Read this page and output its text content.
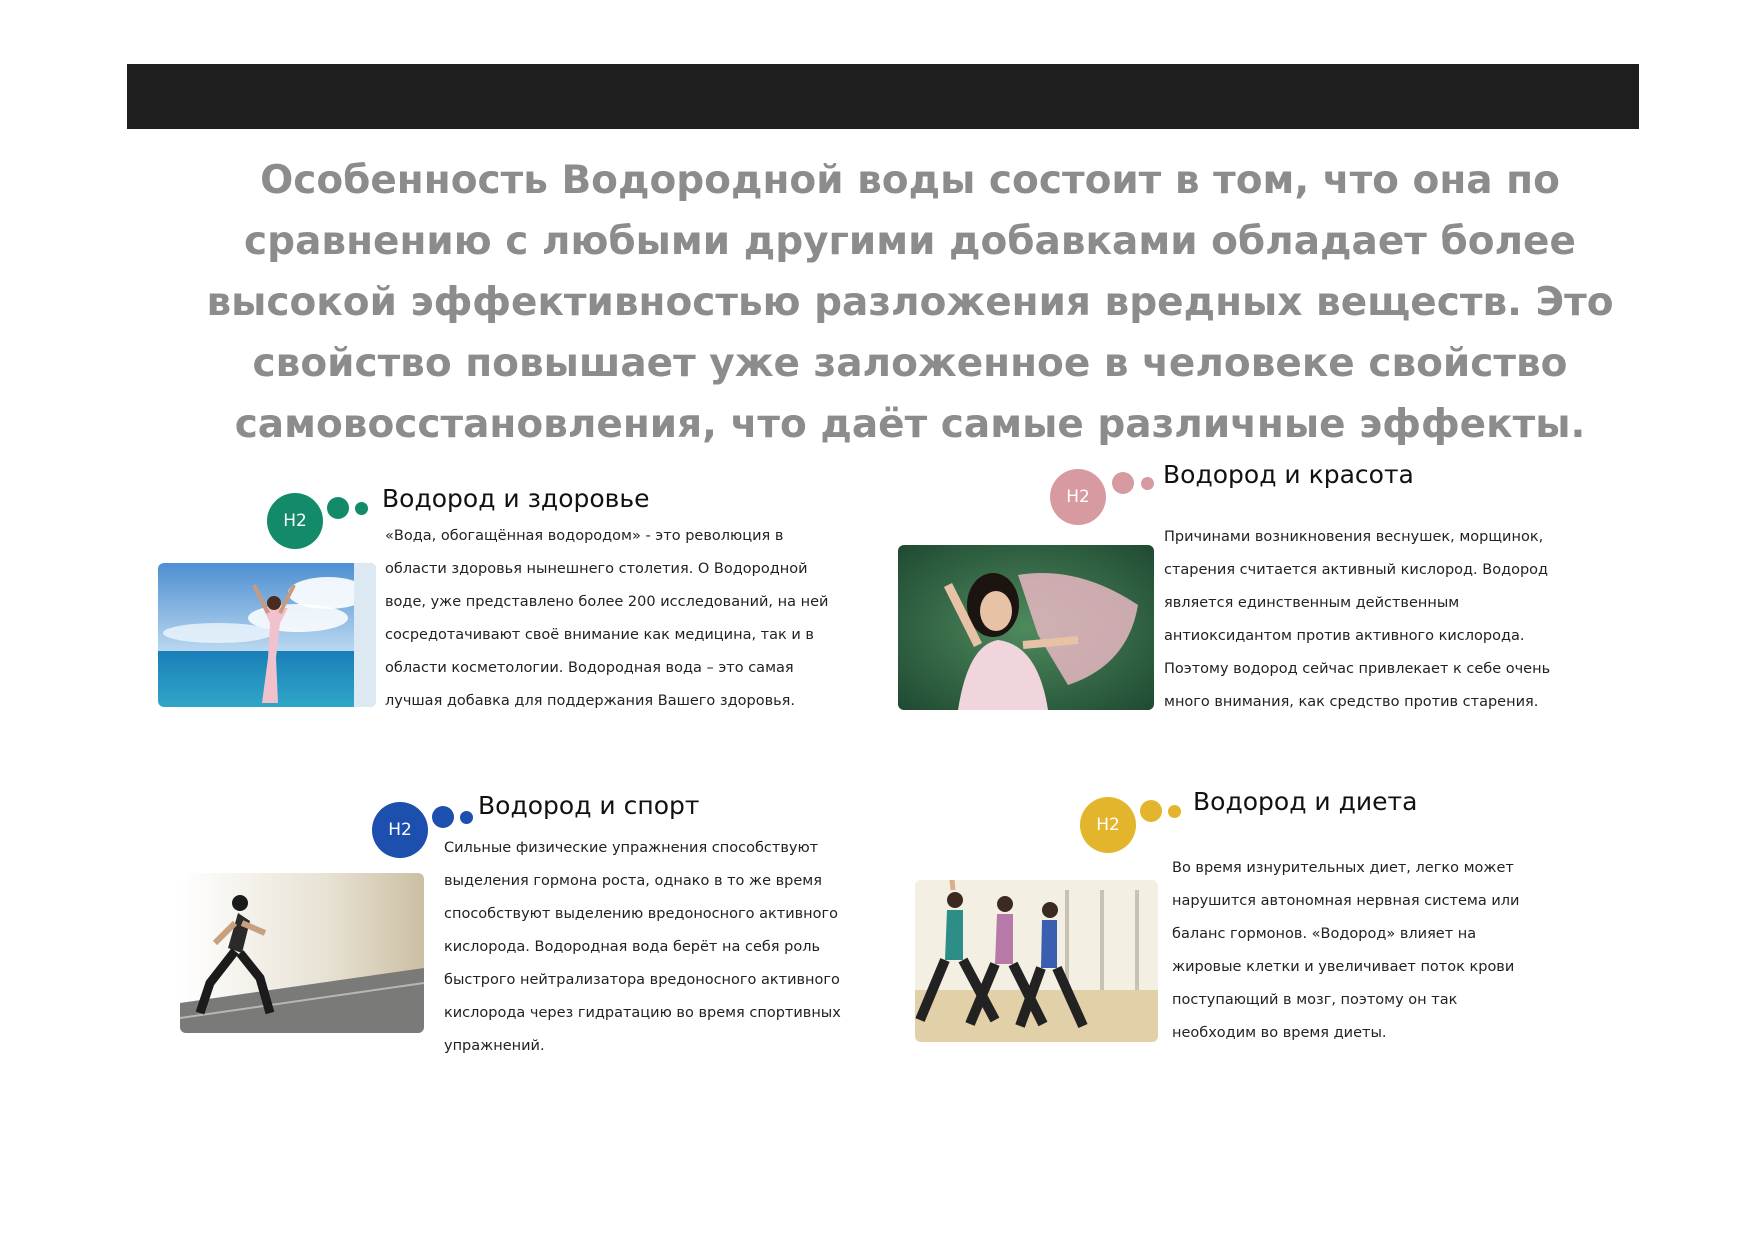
Особенность Водородной воды состоит в том, что она по
сравнению с любыми другими добавками обладает более
высокой эффективностью разложения вредных веществ. Это
свойство повышает уже заложенное в человеке свойство
самовосстановления, что даёт самые различные эффекты.
H2
Водород и здоровье
«Вода, обогащённая водородом» - это революция в
области здоровья нынешнего столетия. О Водородной
воде, уже представлено более 200 исследований, на ней
сосредотачивают своё внимание как медицина, так и в
области косметологии. Водородная вода – это самая
лучшая добавка для поддержания Вашего здоровья.
H2
Водород и красота
Причинами возникновения веснушек, морщинок,
старения считается активный кислород. Водород
является единственным действенным
антиоксидантом против активного кислорода.
Поэтому водород сейчас привлекает к себе очень
много внимания, как средство против старения.
H2
Водород и спорт
Сильные физические упражнения способствуют
выделения гормона роста, однако в то же время
способствуют выделению вредоносного активного
кислорода. Водородная вода берёт на себя роль
быстрого нейтрализатора вредоносного активного
кислорода через гидратацию во время спортивных
упражнений.
H2
Водород и диета
Во время изнурительных диет, легко может
нарушится автономная нервная система или
баланс гормонов. «Водород» влияет на
жировые клетки и увеличивает поток крови
поступающий в мозг, поэтому он так
необходим во время диеты.
